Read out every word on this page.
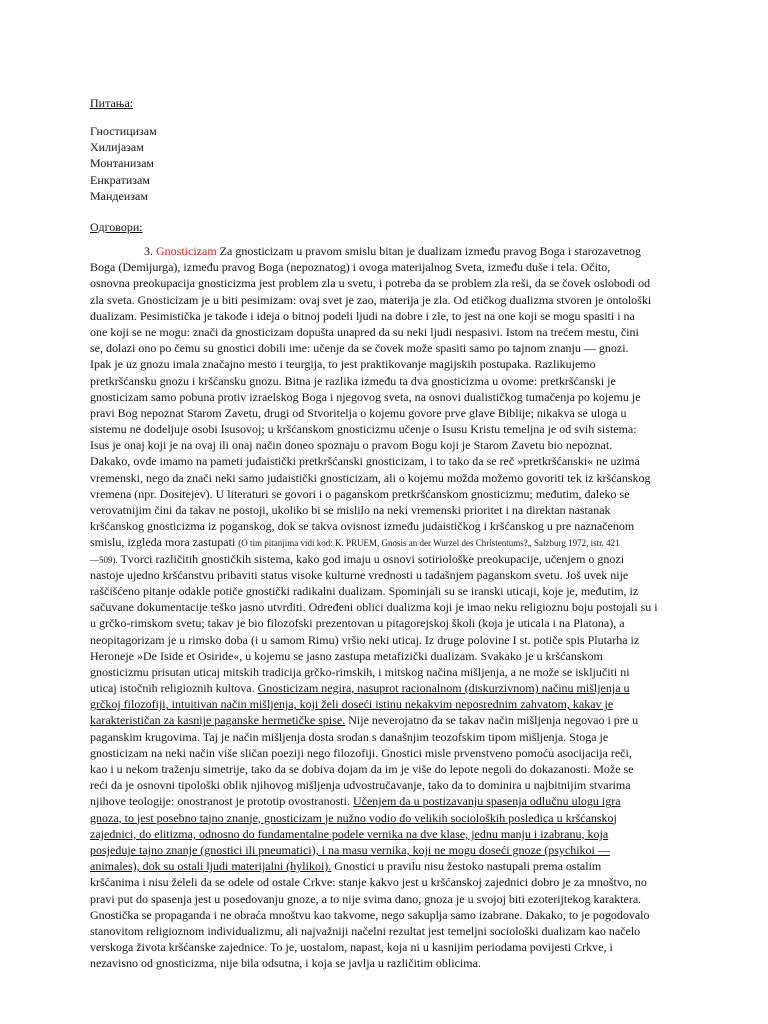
Питања:
Гностицизам
Хилијазам
Монтанизам
Енкратизам
Мандеизам
Одговори:
3. Gnosticizam Za gnosticizam u pravom smislu bitan je dualizam između pravog Boga i starozavetnog
Boga (Demijurga), između pravog Boga (nepoznatog) i ovoga materijalnog Sveta, između duše i tela. Očito,
osnovna preokupacija gnosticizma jest problem zla u svetu, i potreba da se problem zla reši, da se čovek oslobodi od
zla sveta. Gnosticizam je u biti pesimizam: ovaj svet je zao, materija je zla. Od etičkog dualizma stvoren je ontološki
dualizam. Pesimistička je takođe i ideja o bitnoj podeli ljudi na dobre i zle, to jest na one koji se mogu spasiti i na
one koji se ne mogu: znači da gnosticizam dopušta unapred da su neki ljudi nespasivi. Istom na trećem mestu, čini
se, dolazi ono po čemu su gnostici dobili ime: učenje da se čovek može spasiti samo po tajnom znanju — gnozi.
Ipak je uz gnozu imala značajno mesto i teurgija, to jest praktikovanje magijskih postupaka. Razlikujemo
pretkršćansku gnozu i kršćansku gnozu. Bitna je razlika između ta dva gnosticizma u ovome: pretkršćanski je
gnosticizam samo pobuna protiv izraelskog Boga i njegovog sveta, na osnovi dualističkog tumačenja po kojemu je
pravi Bog nepoznat Starom Zavetu, drugi od Stvoritelja o kojemu govore prve glave Biblije; nikakva se uloga u
sistemu ne dodeljuje osobi Isusovoj; u kršćanskom gnosticizmu učenje o Isusu Kristu temeljna je od svih sistema:
Isus je onaj koji je na ovaj ili onaj način doneo spoznaju o pravom Bogu koji je Starom Zavetu bio nepoznat.
Dakako, ovde imamo na pameti judaistički pretkršćanski gnosticizam, i to tako da se reč »pretkršćanski« ne uzima
vremenski, nego da znači neki samo judaistički gnosticizam, ali o kojemu možda možemo govoriti tek iz kršćanskog
vremena (npr. Dositejev). U literaturi se govori i o paganskom pretkršćanskom gnosticizmu; međutim, daleko se
verovatnijim čini da takav ne postoji, ukoliko bi se mislilo na neki vremenski prioritet i na direktan nastanak
kršćanskog gnosticizma iz poganskog, dok se takva ovisnost između judaističkog i kršćanskog u pre naznačenom
smislu, izgleda mora zastupati (O tim pitanjima vidi kod: K. PRUEM, Gnosis an der Wurzel des Christentums?„ Salzburg 1972, istr. 421
—509). Tvorci različitih gnostičkih sistema, kako god imaju u osnovi sotiriološke preokupacije, učenjem o gnozi
nastoje ujedno kršćanstvu pribaviti status visoke kulturne vrednosti u tadašnjem paganskom svetu. Još uvek nije
raščišćeno pitanje odakle potiče gnostički radikalni dualizam. Spominjali su se iranski uticaji, koje je, međutim, iz
sačuvane dokumentacije teško jasno utvrditi. Određeni oblici dualizma koji je imao neku religioznu boju postojali su i
u grčko-rimskom svetu; takav je bio filozofski prezentovan u pitagorejskoj školi (koja je uticala i na Platona), a
neopitagorizam je u rimsko doba (i u samom Rimu) vršio neki uticaj. Iz druge polovine I st. potiče spis Plutarha iz
Heroneje »De Iside et Osiride«, u kojemu se jasno zastupa metafizički dualizam. Svakako je u kršćanskom
gnosticizmu prisutan uticaj mitskih tradicija grčko-rimskih, i mitskog načina mišljenja, a ne može se isključiti ni
uticaj istočnih religioznih kultova. Gnosticizam negira, nasuprot racionalnom (diskurzivnom) načinu mišljenja u
grčkoj filozofiji, intuitivan način mišljenja, koji želi doseći istinu nekakvim neposrednim zahvatom, kakav je
karakterističan za kasnije paganske hermetičke spise. Nije neverojatno da se takav način mišljenja negovao i pre u
paganskim krugovima. Taj je način mišljenja dosta srodan s današnjim teozofskim tipom mišljenja. Stoga je
gnosticizam na neki način više sličan poeziji nego filozofiji. Gnostici misle prvenstveno pomoću asocijacija reči,
kao i u nekom traženju simetrije, tako da se dobiva dojam da im je više do lepote negoli do dokazanosti. Može se
reći da je osnovni tipološki oblik njihovog mišljenja udvostručavanje, tako da to dominira u najbitnijim stvarima
njihove teologije: onostranost je prototip ovostranosti. Učenjem da u postizavanju spasenja odlučnu ulogu igra
gnoza, to jest posebno tajno znanje, gnosticizam je nužno vodio do velikih socioloških posledica u kršćanskoj
zajednici, do elitizma, odnosno do fundamentalne podele vernika na dve klase, jednu manju i izabranu, koja
posjeduje tajno znanje (gnostici ili pneumatici), i na masu vernika, koji ne mogu doseći gnoze (psychikoi —
animales), dok su ostali ljudi materijalni (hylikoi). Gnostici u pravilu nisu žestoko nastupali prema ostalim
kršćanima i nisu želeli da se odele od ostale Crkve: stanje kakvo jest u kršćanskoj zajednici dobro je za mnoštvo, no
pravi put do spasenja jest u posedovanju gnoze, a to nije svima dano, gnoza je u svojoj biti ezoterijtekog karaktera.
Gnostička se propaganda i ne obraća mnoštvu kao takvome, nego sakuplja samo izabrane. Dakako, to je pogodovalo
stanovitom religioznom individualizmu, ali najvažniji načelni rezultat jest temeljni sociološki dualizam kao načelo
verskoga života kršćanske zajednice. To je, uostalom, napast, koja ni u kasnijim periodama povijesti Crkve, i
nezavisno od gnosticizma, nije bila odsutna, i koja se javlja u različitim oblicima.
